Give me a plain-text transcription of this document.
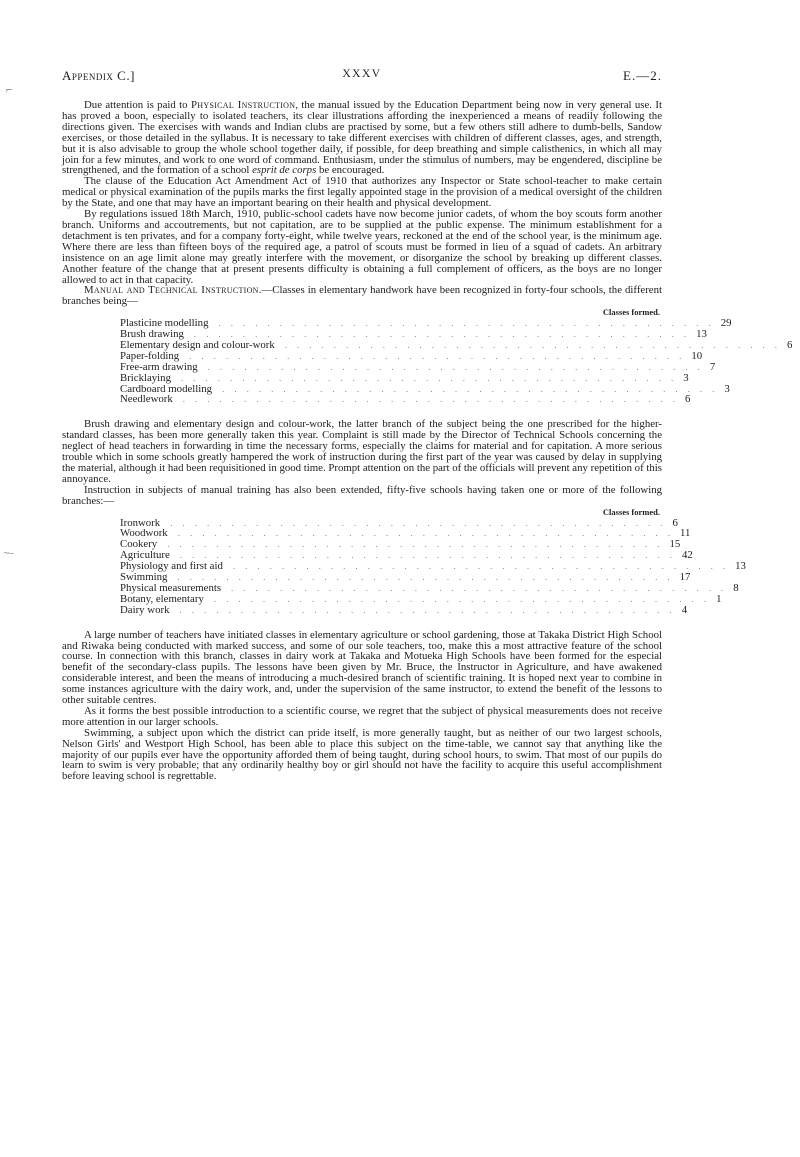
⌐
~–
Appendix C.]	XXXV	E.—2.

Due attention is paid to Physical Instruction, the manual issued by the Education Department being now in very general use. It has proved a boon, especially to isolated teachers, its clear illustrations affording the inexperienced a means of readily following the directions given. The exercises with wands and Indian clubs are practised by some, but a few others still adhere to dumb-bells, Sandow exercises, or those detailed in the syllabus. It is necessary to take different exercises with children of different classes, ages, and strength, but it is also advisable to group the whole school together daily, if possible, for deep breathing and simple calisthenics, in which all may join for a few minutes, and work to one word of command. Enthusiasm, under the stimulus of numbers, may be engendered, discipline be strengthened, and the formation of a school esprit de corps be encouraged.

The clause of the Education Act Amendment Act of 1910 that authorizes any Inspector or State school-teacher to make certain medical or physical examination of the pupils marks the first legally appointed stage in the provision of a medical oversight of the children by the State, and one that may have an important bearing on their health and physical development.

By regulations issued 18th March, 1910, public-school cadets have now become junior cadets, of whom the boy scouts form another branch. Uniforms and accoutrements, but not capitation, are to be supplied at the public expense. The minimum establishment for a detachment is ten privates, and for a company forty-eight, while twelve years, reckoned at the end of the school year, is the minimum age. Where there are less than fifteen boys of the required age, a patrol of scouts must be formed in lieu of a squad of cadets. An arbitrary insistence on an age limit alone may greatly interfere with the movement, or disorganize the school by breaking up different classes. Another feature of the change that at present presents difficulty is obtaining a full complement of officers, as the boys are no longer allowed to act in that capacity.

Manual and Technical Instruction.—Classes in elementary handwork have been recognized in forty-four schools, the different branches being—

Classes formed.
Plasticine modelling	......................................... 29
Brush drawing	......................................... 13
Elementary design and colour-work	......................................... 6
Paper-folding	......................................... 10
Free-arm drawing	......................................... 7
Bricklaying	......................................... 3
Cardboard modelling	......................................... 3
Needlework	......................................... 6

Brush drawing and elementary design and colour-work, the latter branch of the subject being the one prescribed for the higher-standard classes, has been more generally taken this year. Complaint is still made by the Director of Technical Schools concerning the neglect of head teachers in forwarding in time the necessary forms, especially the claims for material and for capitation. A more serious trouble which in some schools greatly hampered the work of instruction during the first part of the year was caused by delay in supplying the material, although it had been requisitioned in good time. Prompt attention on the part of the officials will prevent any repetition of this annoyance.

Instruction in subjects of manual training has also been extended, fifty-five schools having taken one or more of the following branches:—

Classes formed.
Ironwork	......................................... 6
Woodwork	......................................... 11
Cookery	......................................... 15
Agriculture	......................................... 42
Physiology and first aid	......................................... 13
Swimming	......................................... 17
Physical measurements	......................................... 8
Botany, elementary	......................................... 1
Dairy work	......................................... 4

A large number of teachers have initiated classes in elementary agriculture or school gardening, those at Takaka District High School and Riwaka being conducted with marked success, and some of our sole teachers, too, make this a most attractive feature of the school course. In connection with this branch, classes in dairy work at Takaka and Motueka High Schools have been formed for the especial benefit of the secondary-class pupils. The lessons have been given by Mr. Bruce, the Instructor in Agriculture, and have awakened considerable interest, and been the means of introducing a much-desired branch of scientific training. It is hoped next year to combine in some instances agriculture with the dairy work, and, under the supervision of the same instructor, to extend the benefit of the lessons to other suitable centres.

As it forms the best possible introduction to a scientific course, we regret that the subject of physical measurements does not receive more attention in our larger schools.

Swimming, a subject upon which the district can pride itself, is more generally taught, but as neither of our two largest schools, Nelson Girls' and Westport High School, has been able to place this subject on the time-table, we cannot say that anything like the majority of our pupils ever have the opportunity afforded them of being taught, during school hours, to swim. That most of our pupils do learn to swim is very probable; that any ordinarily healthy boy or girl should not have the facility to acquire this useful accomplishment before leaving school is regrettable.
